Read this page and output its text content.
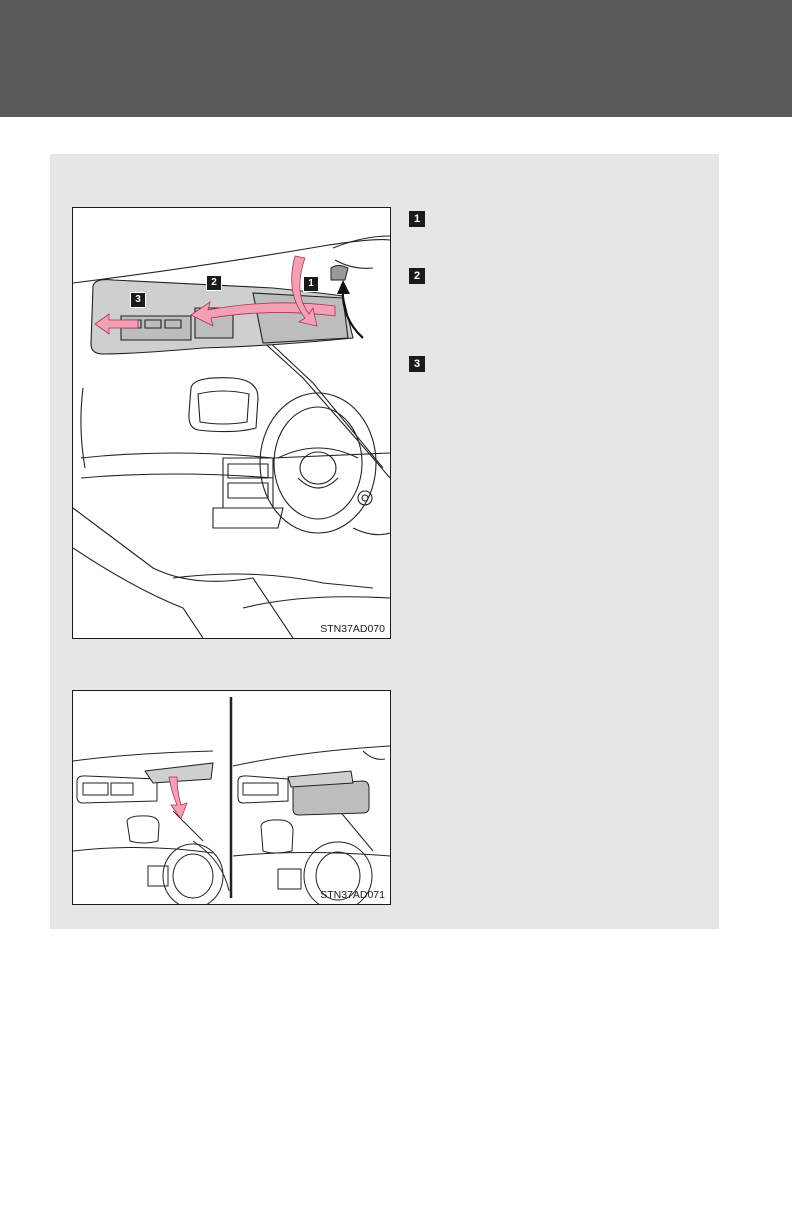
1
2
3
STN37AD070
STN37AD071
1
2
3
